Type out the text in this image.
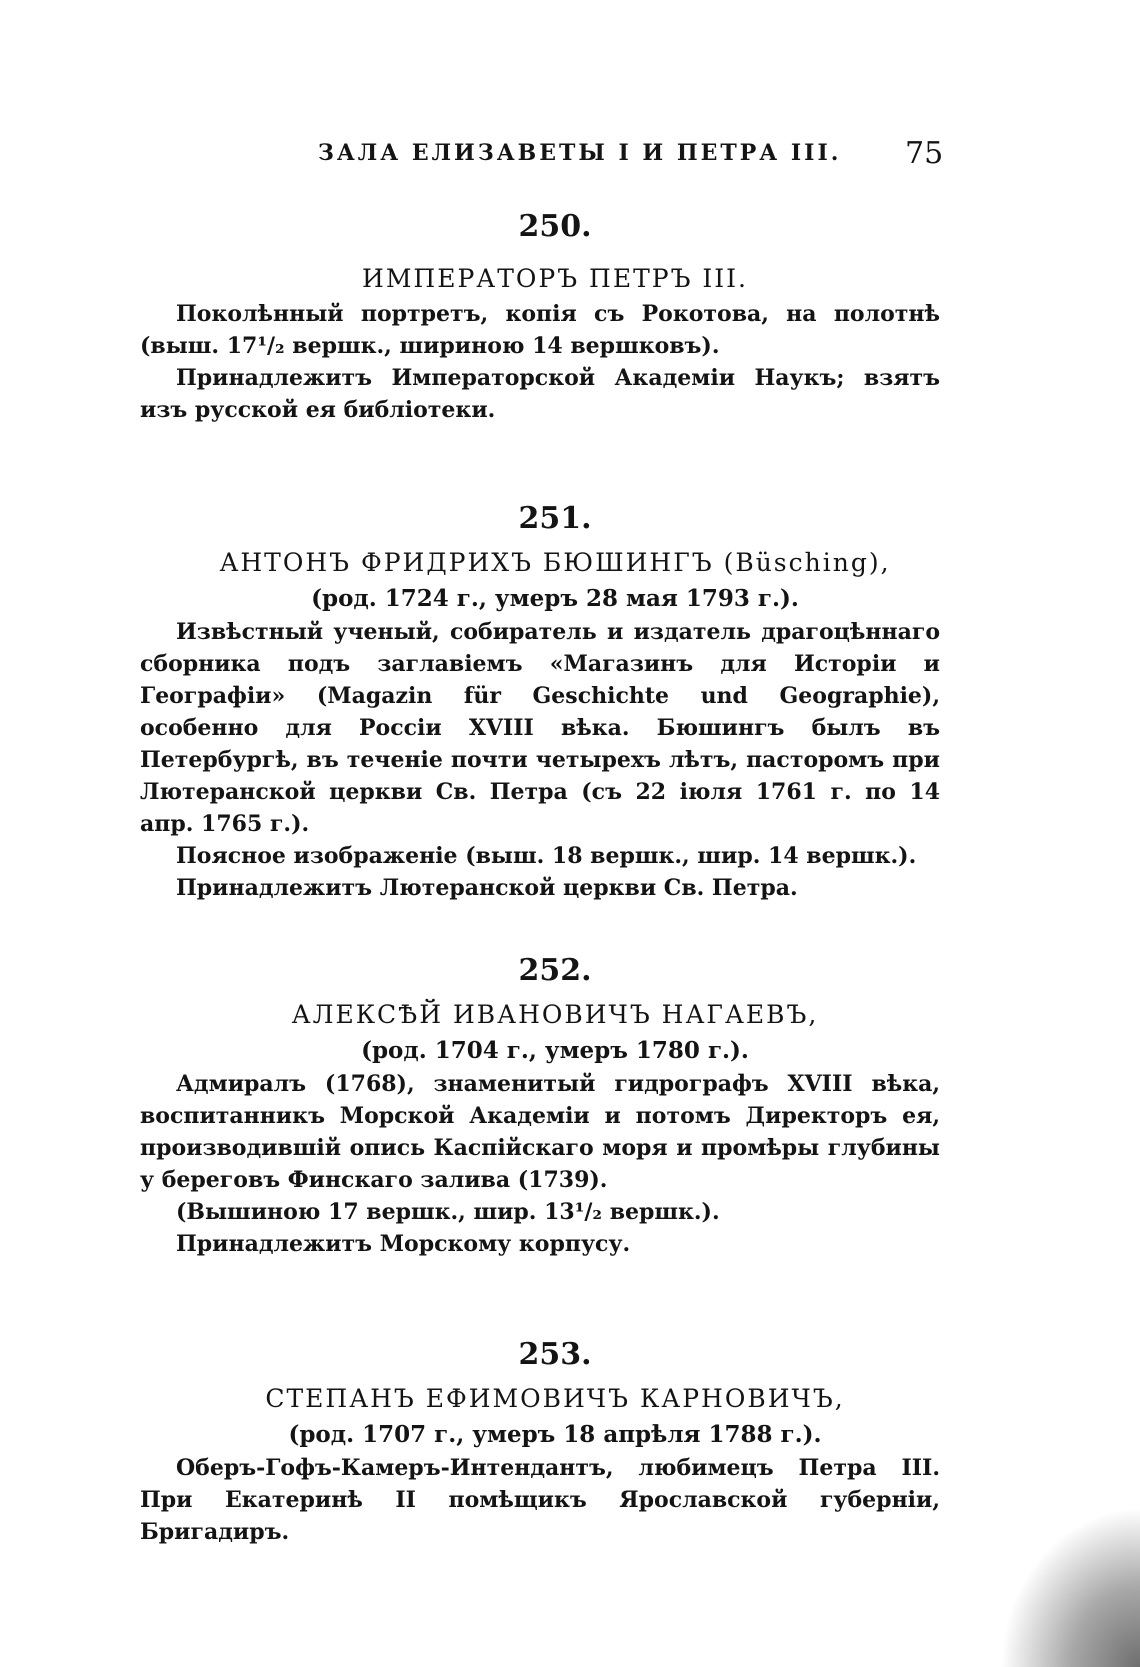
ЗАЛА ЕЛИЗАВЕТЫ I И ПЕТРА III. 75
250.
ИМПЕРАТОРЪ ПЕТРЪ III.

Поколѣнный портретъ, копія съ Рокотова, на полотнѣ (выш. 17¹/₂ вершк., шириною 14 вершковъ).

Принадлежитъ Императорской Академіи Наукъ; взятъ изъ русской ея библіотеки.

251.
АНТОНЪ ФРИДРИХЪ БЮШИНГЪ (Büsching),
(род. 1724 г., умеръ 28 мая 1793 г.).

Извѣстный ученый, собиратель и издатель драгоцѣннаго сборника подъ заглавіемъ «Магазинъ для Исторіи и Географіи» (Magazin für Geschichte und Geographie), особенно для Россіи XVIII вѣка. Бюшингъ былъ въ Петербургѣ, въ теченіе почти четырехъ лѣтъ, пасторомъ при Лютеранской церкви Св. Петра (съ 22 іюля 1761 г. по 14 апр. 1765 г.).

Поясное изображеніе (выш. 18 вершк., шир. 14 вершк.).

Принадлежитъ Лютеранской церкви Св. Петра.

252.
АЛЕКСѢЙ ИВАНОВИЧЪ НАГАЕВЪ,
(род. 1704 г., умеръ 1780 г.).

Адмиралъ (1768), знаменитый гидрографъ XVIII вѣка, воспитанникъ Морской Академіи и потомъ Директоръ ея, производившій опись Каспійскаго моря и промѣры глубины у береговъ Финскаго залива (1739).

(Вышиною 17 вершк., шир. 13¹/₂ вершк.).

Принадлежитъ Морскому корпусу.

253.
СТЕПАНЪ ЕФИМОВИЧЪ КАРНОВИЧЪ,
(род. 1707 г., умеръ 18 апрѣля 1788 г.).

Оберъ-Гофъ-Камеръ-Интендантъ, любимецъ Петра III. При Екатеринѣ II помѣщикъ Ярославской губерніи, Бригадиръ.
